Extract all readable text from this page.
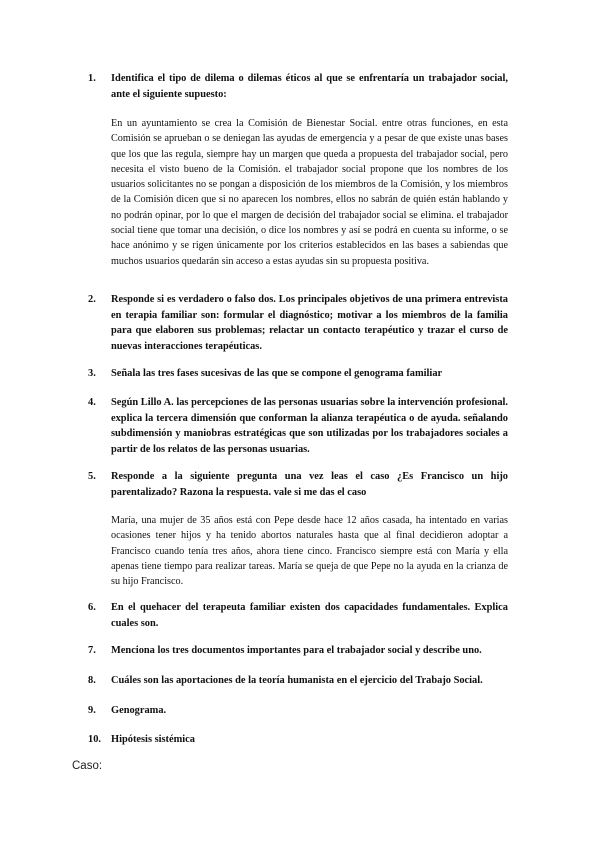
1. Identifica el tipo de dilema o dilemas éticos al que se enfrentaría un trabajador social, ante el siguiente supuesto:
En un ayuntamiento se crea la Comisión de Bienestar Social. entre otras funciones, en esta Comisión se aprueban o se deniegan las ayudas de emergencia y a pesar de que existe unas bases que los que las regula, siempre hay un margen que queda a propuesta del trabajador social, pero necesita el visto bueno de la Comisión. el trabajador social propone que los nombres de los usuarios solicitantes no se pongan a disposición de los miembros de la Comisión, y los miembros de la Comisión dicen que si no aparecen los nombres, ellos no sabrán de quién están hablando y no podrán opinar, por lo que el margen de decisión del trabajador social se elimina. el trabajador social tiene que tomar una decisión, o dice los nombres y así se podrá en cuenta su informe, o se hace anónimo y se rigen únicamente por los criterios establecidos en las bases a sabiendas que muchos usuarios quedarán sin acceso a estas ayudas sin su propuesta positiva.
2. Responde si es verdadero o falso dos. Los principales objetivos de una primera entrevista en terapia familiar son: formular el diagnóstico; motivar a los miembros de la familia para que elaboren sus problemas; relactar un contacto terapéutico y trazar el curso de nuevas interacciones terapéuticas.
3. Señala las tres fases sucesivas de las que se compone el genograma familiar
4. Según Lillo A. las percepciones de las personas usuarias sobre la intervención profesional. explica la tercera dimensión que conforman la alianza terapéutica o de ayuda. señalando subdimensión y maniobras estratégicas que son utilizadas por los trabajadores sociales a partir de los relatos de las personas usuarias.
5. Responde a la siguiente pregunta una vez leas el caso ¿Es Francisco un hijo parentalizado? Razona la respuesta. vale si me das el caso
María, una mujer de 35 años está con Pepe desde hace 12 años casada, ha intentado en varias ocasiones tener hijos y ha tenido abortos naturales hasta que al final decidieron adoptar a Francisco cuando tenía tres años, ahora tiene cinco. Francisco siempre está con María y ella apenas tiene tiempo para realizar tareas. María se queja de que Pepe no la ayuda en la crianza de su hijo Francisco.
6. En el quehacer del terapeuta familiar existen dos capacidades fundamentales. Explica cuales son.
7. Menciona los tres documentos importantes para el trabajador social y describe uno.
8. Cuáles son las aportaciones de la teoría humanista en el ejercicio del Trabajo Social.
9. Genograma.
10. Hipótesis sistémica
Caso:
